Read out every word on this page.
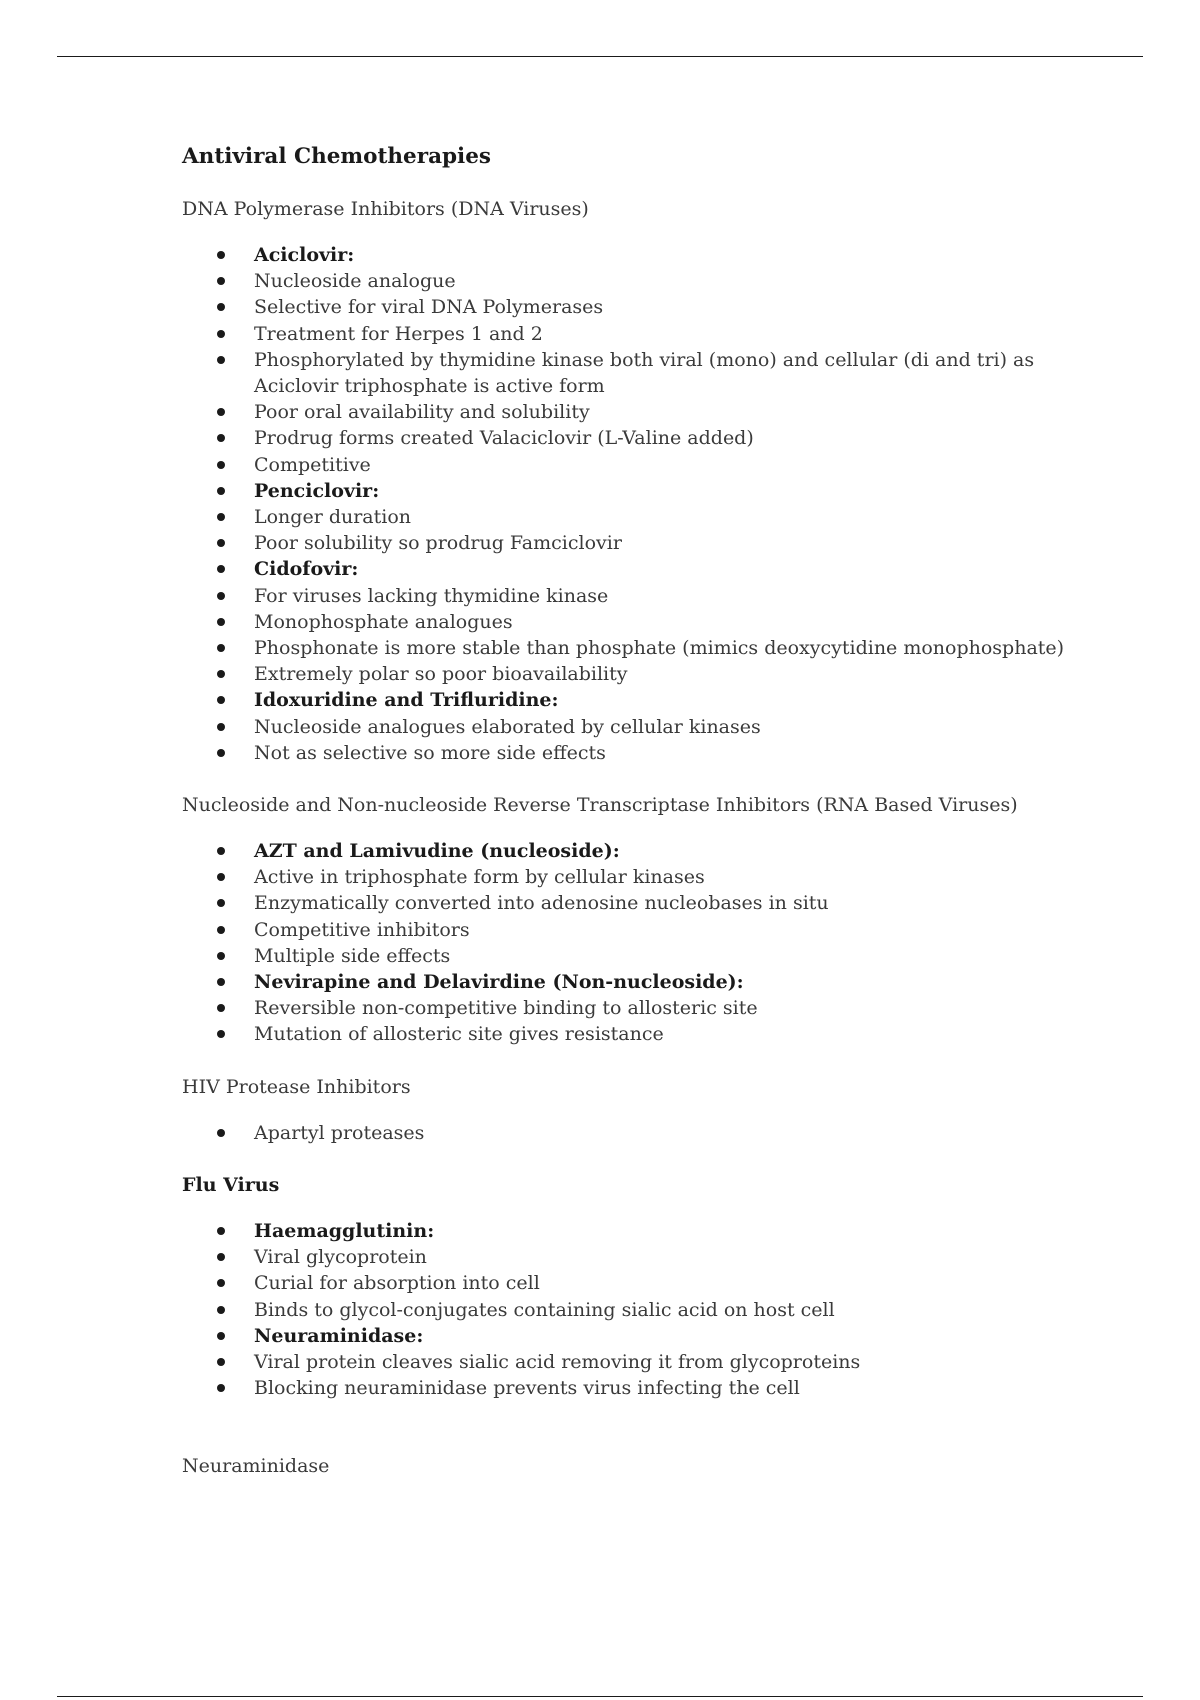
Antiviral Chemotherapies

DNA Polymerase Inhibitors (DNA Viruses)

Aciclovir:
Nucleoside analogue
Selective for viral DNA Polymerases
Treatment for Herpes 1 and 2
Phosphorylated by thymidine kinase both viral (mono) and cellular (di and tri) as Aciclovir triphosphate is active form
Poor oral availability and solubility
Prodrug forms created Valaciclovir (L-Valine added)
Competitive
Penciclovir:
Longer duration
Poor solubility so prodrug Famciclovir
Cidofovir:
For viruses lacking thymidine kinase
Monophosphate analogues
Phosphonate is more stable than phosphate (mimics deoxycytidine monophosphate)
Extremely polar so poor bioavailability
Idoxuridine and Trifluridine:
Nucleoside analogues elaborated by cellular kinases
Not as selective so more side effects

Nucleoside and Non-nucleoside Reverse Transcriptase Inhibitors (RNA Based Viruses)

AZT and Lamivudine (nucleoside):
Active in triphosphate form by cellular kinases
Enzymatically converted into adenosine nucleobases in situ
Competitive inhibitors
Multiple side effects
Nevirapine and Delavirdine (Non-nucleoside):
Reversible non-competitive binding to allosteric site
Mutation of allosteric site gives resistance

HIV Protease Inhibitors

Apartyl proteases

Flu Virus

Haemagglutinin:
Viral glycoprotein
Curial for absorption into cell
Binds to glycol-conjugates containing sialic acid on host cell
Neuraminidase:
Viral protein cleaves sialic acid removing it from glycoproteins
Blocking neuraminidase prevents virus infecting the cell

Neuraminidase
